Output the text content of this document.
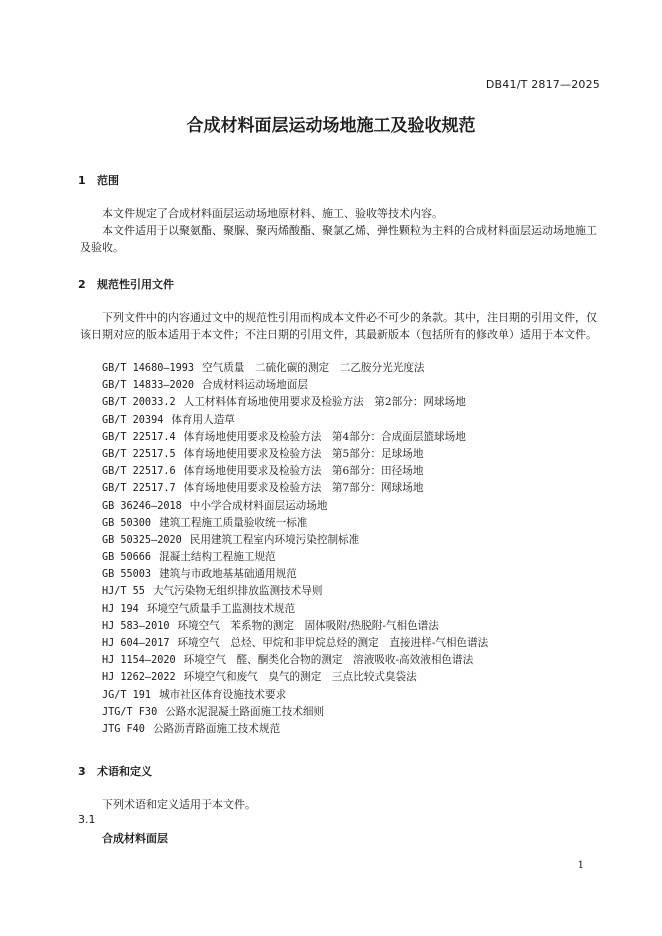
DB41/T 2817—2025
合成材料面层运动场地施工及验收规范
1 范围
本文件规定了合成材料面层运动场地原材料、施工、验收等技术内容。
本文件适用于以聚氨酯、聚脲、聚丙烯酸酯、聚氯乙烯、弹性颗粒为主料的合成材料面层运动场地施工及验收。
2 规范性引用文件
下列文件中的内容通过文中的规范性引用而构成本文件必不可少的条款。其中，注日期的引用文件，仅该日期对应的版本适用于本文件；不注日期的引用文件，其最新版本（包括所有的修改单）适用于本文件。
GB/T 14680—1993 空气质量　二硫化碳的测定　二乙胺分光光度法
GB/T 14833—2020 合成材料运动场地面层
GB/T 20033.2 人工材料体育场地使用要求及检验方法　第2部分：网球场地
GB/T 20394 体育用人造草
GB/T 22517.4 体育场地使用要求及检验方法　第4部分：合成面层篮球场地
GB/T 22517.5 体育场地使用要求及检验方法　第5部分：足球场地
GB/T 22517.6 体育场地使用要求及检验方法　第6部分：田径场地
GB/T 22517.7 体育场地使用要求及检验方法　第7部分：网球场地
GB 36246—2018 中小学合成材料面层运动场地
GB 50300 建筑工程施工质量验收统一标准
GB 50325—2020 民用建筑工程室内环境污染控制标准
GB 50666 混凝土结构工程施工规范
GB 55003 建筑与市政地基基础通用规范
HJ/T 55 大气污染物无组织排放监测技术导则
HJ 194 环境空气质量手工监测技术规范
HJ 583—2010 环境空气　苯系物的测定　固体吸附/热脱附-气相色谱法
HJ 604—2017 环境空气　总烃、甲烷和非甲烷总烃的测定　直接进样-气相色谱法
HJ 1154—2020 环境空气　醛、酮类化合物的测定　溶液吸收-高效液相色谱法
HJ 1262—2022 环境空气和废气　臭气的测定　三点比较式臭袋法
JG/T 191 城市社区体育设施技术要求
JTG/T F30 公路水泥混凝土路面施工技术细则
JTG F40 公路沥青路面施工技术规范
3 术语和定义
下列术语和定义适用于本文件。
3.1
合成材料面层
1
